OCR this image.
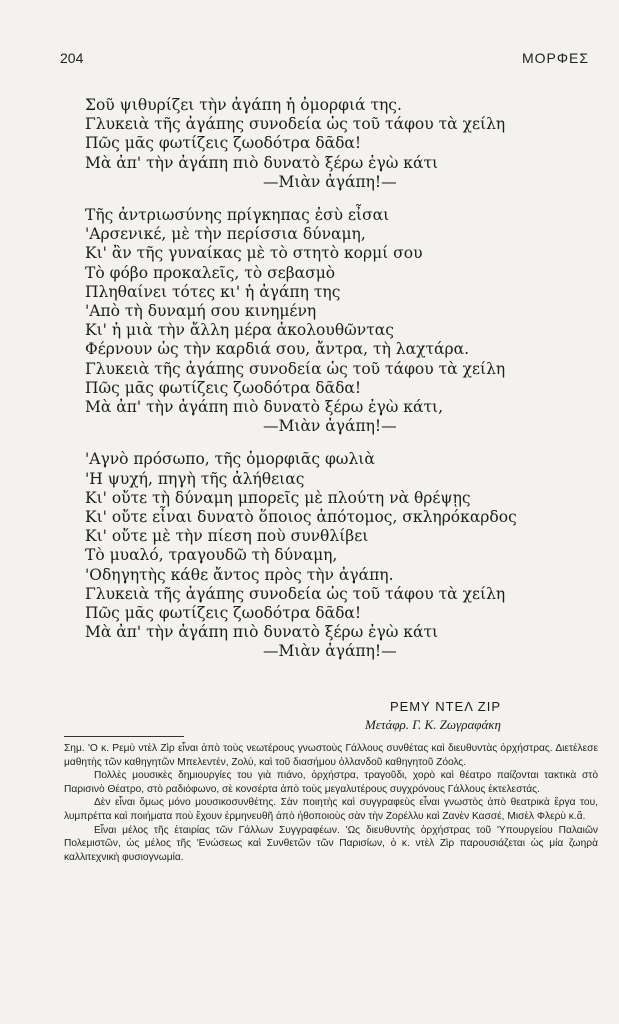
204	ΜΟΡΦΕΣ
Σοῦ ψιθυρίζει τὴν ἀγάπη ἡ ὀμορφιά της.
Γλυκειὰ τῆς ἀγάπης συνοδεία ὡς τοῦ τάφου τὰ χείλη
Πῶς μᾶς φωτίζεις ζωοδότρα δᾶδα!
Μὰ ἀπ' τὴν ἀγάπη πιὸ δυνατὸ ξέρω ἐγὼ κάτι
—Μιὰν ἀγάπη!—
Τῆς ἀντριωσύνης πρίγκηπας ἐσὺ εἶσαι
'Αρσενικέ, μὲ τὴν περίσσια δύναμη,
Κι' ἂν τῆς γυναίκας μὲ τὸ στητὸ κορμί σου
Τὸ φόβο προκαλεῖς, τὸ σεβασμὸ
Πληθαίνει τότες κι' ἡ ἀγάπη της
'Απὸ τὴ δυναμή σου κινημένη
Κι' ἡ μιὰ τὴν ἄλλη μέρα ἀκολουθῶντας
Φέρνουν ὡς τὴν καρδιά σου, ἄντρα, τὴ λαχτάρα.
Γλυκειὰ τῆς ἀγάπης συνοδεία ὡς τοῦ τάφου τὰ χείλη
Πῶς μᾶς φωτίζεις ζωοδότρα δᾶδα!
Μὰ ἀπ' τὴν ἀγάπη πιὸ δυνατὸ ξέρω ἐγὼ κάτι,
—Μιὰν ἀγάπη!—
'Αγνὸ πρόσωπο, τῆς ὀμορφιᾶς φωλιὰ
'Η ψυχή, πηγὴ τῆς ἀλήθειας
Κι' οὔτε τὴ δύναμη μπορεῖς μὲ πλούτη νὰ θρέψῃς
Κι' οὔτε εἶναι δυνατὸ ὅποιος ἀπότομος, σκληρόκαρδος
Κι' οὔτε μὲ τὴν πίεση ποὺ συνθλίβει
Τὸ μυαλό, τραγουδῶ τὴ δύναμη,
'Οδηγητὴς κάθε ἄντος πρὸς τὴν ἀγάπη.
Γλυκειὰ τῆς ἀγάπης συνοδεία ὡς τοῦ τάφου τὰ χείλη
Πῶς μᾶς φωτίζεις ζωοδότρα δᾶδα!
Μὰ ἀπ' τὴν ἀγάπη πιὸ δυνατὸ ξέρω ἐγὼ κάτι
—Μιὰν ἀγάπη!—
ΡΕΜΥ ΝΤΕΛ ΖΙΡ
Μετάφρ. Γ. Κ. Ζωγραφάκη

Σημ. 'Ο κ. Ρεμὺ ντὲλ Ζὶρ εἶναι ἀπὸ τοὺς νεωτέρους γνωστοὺς Γάλλους συνθέτας καὶ διευθυντὰς ὀρχήστρας. Διετέλεσε μαθητὴς τῶν καθηγητῶν Μπελεντέν, Ζολύ, καὶ τοῦ διασήμου ὀλλανδοῦ καθηγητοῦ Ζόολς.

Πολλὲς μουσικὲς δημιουργίες του γιὰ πιάνο, ὀρχήστρα, τραγοῦδι, χορὸ καὶ θέατρο παίζονται τακτικὰ στὸ Παρισινὸ Θέατρο, στὸ ραδιόφωνο, σὲ κονσέρτα ἀπὸ τοὺς μεγαλυτέρους συγχρόνους Γάλλους ἐκτελεστάς.

Δὲν εἶναι ὅμως μόνο μουσικοσυνθέτης. Σὰν ποιητὴς καὶ συγγραφεὺς εἶναι γνωστὸς ἀπὸ θεατρικὰ ἔργα του, λυμπρέττα καὶ ποιήματα ποὺ ἔχουν ἑρμηνευθῆ ἀπὸ ἠθοποιοὺς σὰν τὴν Ζορέλλυ καὶ Ζανὲν Κασσέ, Μισὲλ Φλερὺ κ.ἄ.

Εἶναι μέλος τῆς ἑταιρίας τῶν Γάλλων Συγγραφέων. 'Ως διευθυντὴς ὀρχήστρας τοῦ 'Υπουργείου Παλαιῶν Πολεμιστῶν, ὡς μέλος τῆς 'Ενώσεως καὶ Συνθετῶν τῶν Παρισίων, ὁ κ. ντὲλ Ζὶρ παρουσιάζεται ὡς μία ζωηρὰ καλλιτεχνικὴ φυσιογνωμία.
